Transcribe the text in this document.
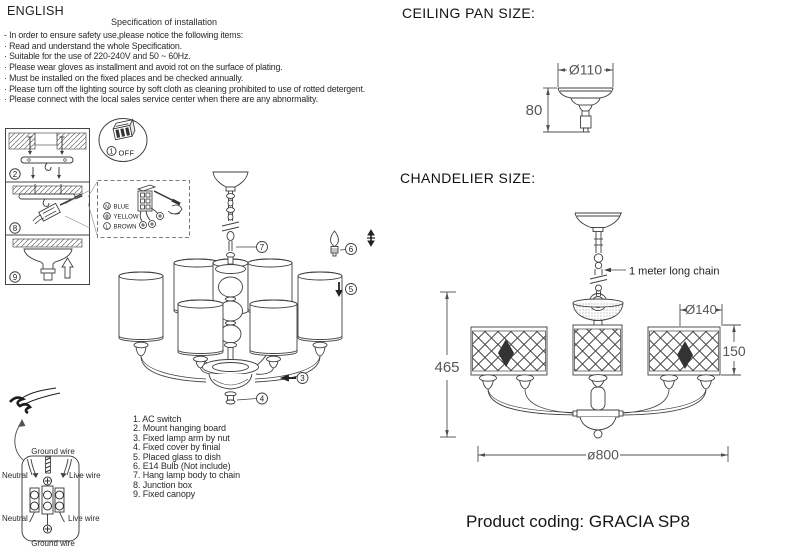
ENGLISH
Specification of installation
- In order to ensure safety use,please notice the following items:
· Read and understand the whole Specification.
· Suitable for the use of 220-240V and 50 ~ 60Hz.
· Please wear gloves as installment and avoid rot on the surface of plating.
· Must be installed on the fixed places and be checked annually.
· Please turn off the lighting source by soft cloth as cleaning prohibited to use of rotted detergent.
· Please connect with the local sales service center when there are any abnormality.
2
8
9
1 OFF
N BLUE
YELLOW
L BROWN
7	6
5
3
4
1. AC switch
2. Mount hanging board
3. Fixed lamp arm by nut
4. Fixed cover by finial
5. Placed glass to dish
6. E14 Bulb (Not include)
7. Hang lamp body to chain
8. Junction box
9. Fixed canopy
Ground wire
Neutral	Live wire
Neutral	Live wire
Ground wire
CEILING PAN SIZE:
Ø110
80
CHANDELIER SIZE:
1 meter long chain
Ø140
150
465
ø800
Product coding: GRACIA SP8
